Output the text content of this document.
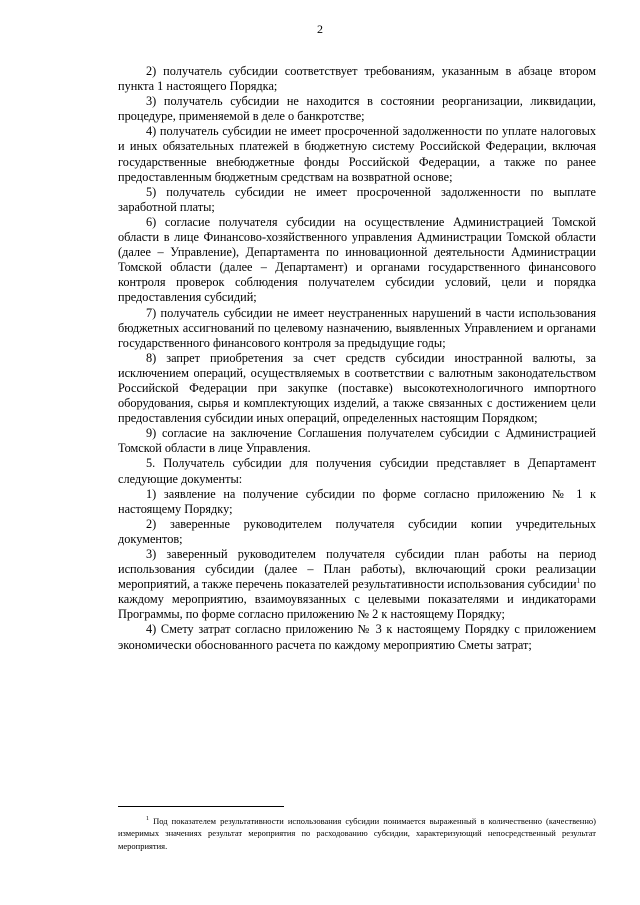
2

2) получатель субсидии соответствует требованиям, указанным в абзаце втором пункта 1 настоящего Порядка;

3) получатель субсидии не находится в состоянии реорганизации, ликвидации, процедуре, применяемой в деле о банкротстве;

4) получатель субсидии не имеет просроченной задолженности по уплате налоговых и иных обязательных платежей в бюджетную систему Российской Федерации, включая государственные внебюджетные фонды Российской Федерации, а также по ранее предоставленным бюджетным средствам на возвратной основе;

5) получатель субсидии не имеет просроченной задолженности по выплате заработной платы;

6) согласие получателя субсидии на осуществление Администрацией Томской области в лице Финансово-хозяйственного управления Администрации Томской области (далее – Управление), Департамента по инновационной деятельности Администрации Томской области (далее – Департамент) и органами государственного финансового контроля проверок соблюдения получателем субсидии условий, цели и порядка предоставления субсидий;

7) получатель субсидии не имеет неустраненных нарушений в части использования бюджетных ассигнований по целевому назначению, выявленных Управлением и органами государственного финансового контроля за предыдущие годы;

8) запрет приобретения за счет средств субсидии иностранной валюты, за исключением операций, осуществляемых в соответствии с валютным законодательством Российской Федерации при закупке (поставке) высокотехнологичного импортного оборудования, сырья и комплектующих изделий, а также связанных с достижением цели предоставления субсидии иных операций, определенных настоящим Порядком;

9) согласие на заключение Соглашения получателем субсидии с Администрацией Томской области в лице Управления.

5. Получатель субсидии для получения субсидии представляет в Департамент следующие документы:

1) заявление на получение субсидии по форме согласно приложению № 1 к настоящему Порядку;

2) заверенные руководителем получателя субсидии копии учредительных документов;

3) заверенный руководителем получателя субсидии план работы на период использования субсидии (далее – План работы), включающий сроки реализации мероприятий, а также перечень показателей результативности использования субсидии$^1$ по каждому мероприятию, взаимоувязанных с целевыми показателями и индикаторами Программы, по форме согласно приложению № 2 к настоящему Порядку;

4) Смету затрат согласно приложению № 3 к настоящему Порядку с приложением экономически обоснованного расчета по каждому мероприятию Сметы затрат;

$^1$ Под показателем результативности использования субсидии понимается выраженный в количественно (качественно) измеримых значениях результат мероприятия по расходованию субсидии, характеризующий непосредственный результат мероприятия.
